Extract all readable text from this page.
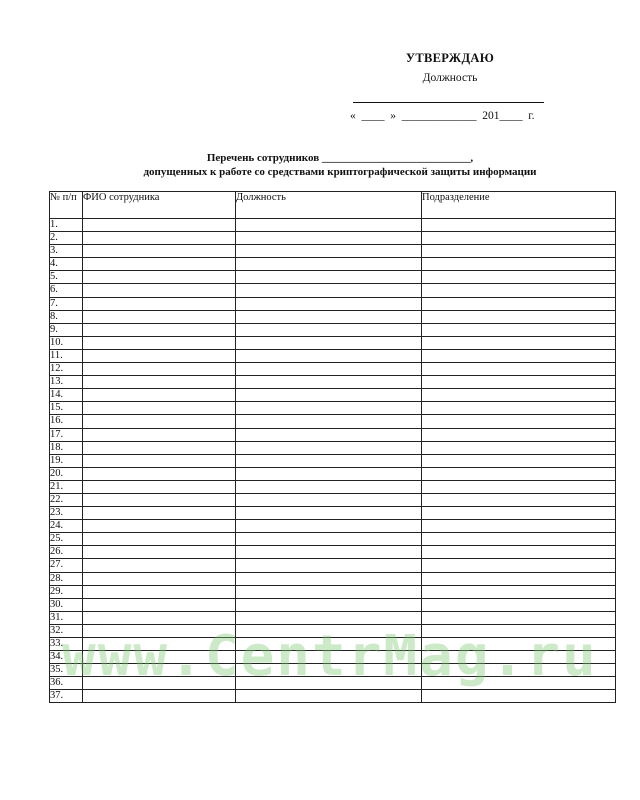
УТВЕРЖДАЮ
Должность
«  ____  »  _____________  201____  г.
Перечень сотрудников ___________________________,
допущенных к работе со средствами криптографической защиты информации
№ п/п	ФИО сотрудника	Должность	Подразделение
1.			
2.			
3.			
4.			
5.			
6.			
7.			
8.			
9.			
10.			
11.			
12.			
13.			
14.			
15.			
16.			
17.			
18.			
19.			
20.			
21.			
22.			
23.			
24.			
25.			
26.			
27.			
28.			
29.			
30.			
31.			
32.			
33.			
34.			
35.			
36.			
37.			
www.CentrMag.ru
